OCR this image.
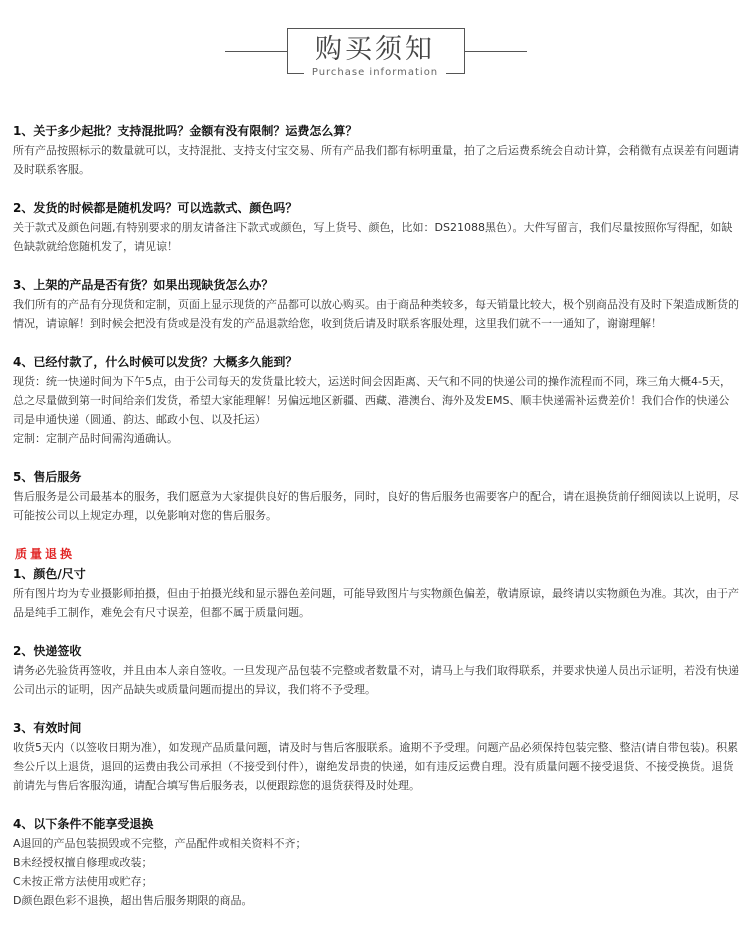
购买须知
Purchase information
1、关于多少起批？支持混批吗？金额有没有限制？运费怎么算？
所有产品按照标示的数量就可以，支持混批、支持支付宝交易、所有产品我们都有标明重量，拍了之后运费系统会自动计算，会稍微有点误差有问题请及时联系客服。
2、发货的时候都是随机发吗？可以选款式、颜色吗？
关于款式及颜色问题,有特别要求的朋友请备注下款式或颜色，写上货号、颜色，比如：DS21088黑色）。大件写留言，我们尽量按照你写得配，如缺色缺款就给您随机发了，请见谅！
3、上架的产品是否有货？如果出现缺货怎么办？
我们所有的产品有分现货和定制，页面上显示现货的产品都可以放心购买。由于商品种类较多，每天销量比较大，极个别商品没有及时下架造成断货的情况，请谅解！到时候会把没有货或是没有发的产品退款给您，收到货后请及时联系客服处理，这里我们就不一一通知了，谢谢理解！
4、已经付款了，什么时候可以发货？大概多久能到？
现货：统一快递时间为下午5点，由于公司每天的发货量比较大，运送时间会因距离、天气和不同的快递公司的操作流程而不同，珠三角大概4-5天，总之尽量做到第一时间给亲们发货，希望大家能理解！另偏远地区新疆、西藏、港澳台、海外及发EMS、顺丰快递需补运费差价！我们合作的快递公司是申通快递（圆通、韵达、邮政小包、以及托运）
定制：定制产品时间需沟通确认。
5、售后服务
售后服务是公司最基本的服务，我们愿意为大家提供良好的售后服务，同时，良好的售后服务也需要客户的配合，请在退换货前仔细阅读以上说明，尽可能按公司以上规定办理，以免影响对您的售后服务。
质量退换
1、颜色/尺寸
所有图片均为专业摄影师拍摄，但由于拍摄光线和显示器色差问题，可能导致图片与实物颜色偏差，敬请原谅，最终请以实物颜色为准。其次，由于产品是纯手工制作，难免会有尺寸误差，但都不属于质量问题。
2、快递签收
请务必先验货再签收，并且由本人亲自签收。一旦发现产品包装不完整或者数量不对，请马上与我们取得联系，并要求快递人员出示证明，若没有快递公司出示的证明，因产品缺失或质量问题而提出的异议，我们将不予受理。
3、有效时间
收货5天内（以签收日期为准），如发现产品质量问题，请及时与售后客服联系。逾期不予受理。问题产品必须保持包装完整、整洁(请自带包装)。积累叁公斤以上退货，退回的运费由我公司承担（不接受到付件），谢绝发昂贵的快递，如有违反运费自理。没有质量问题不接受退货、不接受换货。退货前请先与售后客服沟通，请配合填写售后服务表，以便跟踪您的退货获得及时处理。
4、以下条件不能享受退换
A退回的产品包装损毁或不完整，产品配件或相关资料不齐；
B未经授权擅自修理或改装；
C未按正常方法使用或贮存；
D颜色跟色彩不退换，超出售后服务期限的商品。
